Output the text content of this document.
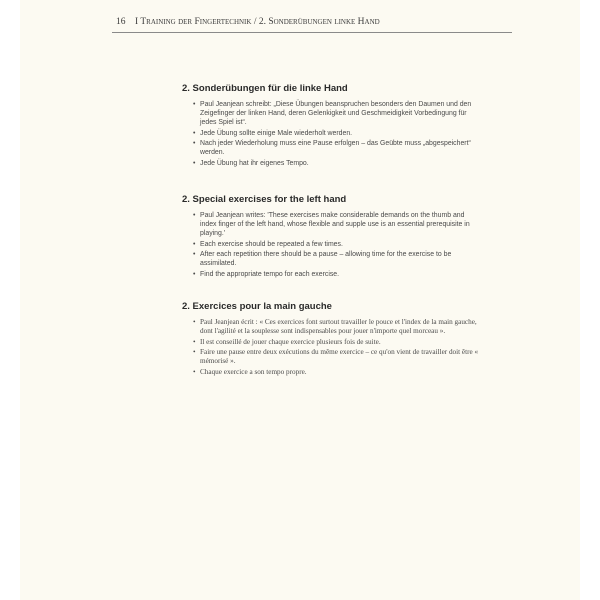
16 I Training der Fingertechnik / 2. Sonderübungen linke Hand
2. Sonderübungen für die linke Hand
• Paul Jeanjean schreibt: „Diese Übungen beanspruchen besonders den Daumen und den Zeigefinger der linken Hand, deren Gelenkigkeit und Geschmeidigkeit Vorbedingung für jedes Spiel ist“.
• Jede Übung sollte einige Male wiederholt werden.
• Nach jeder Wiederholung muss eine Pause erfolgen – das Geübte muss „abgespeichert“ werden.
• Jede Übung hat ihr eigenes Tempo.
2. Special exercises for the left hand
• Paul Jeanjean writes: 'These exercises make considerable demands on the thumb and index finger of the left hand, whose flexible and supple use is an essential prerequisite in playing.'
• Each exercise should be repeated a few times.
• After each repetition there should be a pause – allowing time for the exercise to be assimilated.
• Find the appropriate tempo for each exercise.
2. Exercices pour la main gauche
• Paul Jeanjean écrit : « Ces exercices font surtout travailler le pouce et l'index de la main gauche, dont l'agilité et la souplesse sont indispensables pour jouer n'importe quel morceau ».
• Il est conseillé de jouer chaque exercice plusieurs fois de suite.
• Faire une pause entre deux exécutions du même exercice – ce qu'on vient de travailler doit être « mémorisé ».
• Chaque exercice a son tempo propre.
